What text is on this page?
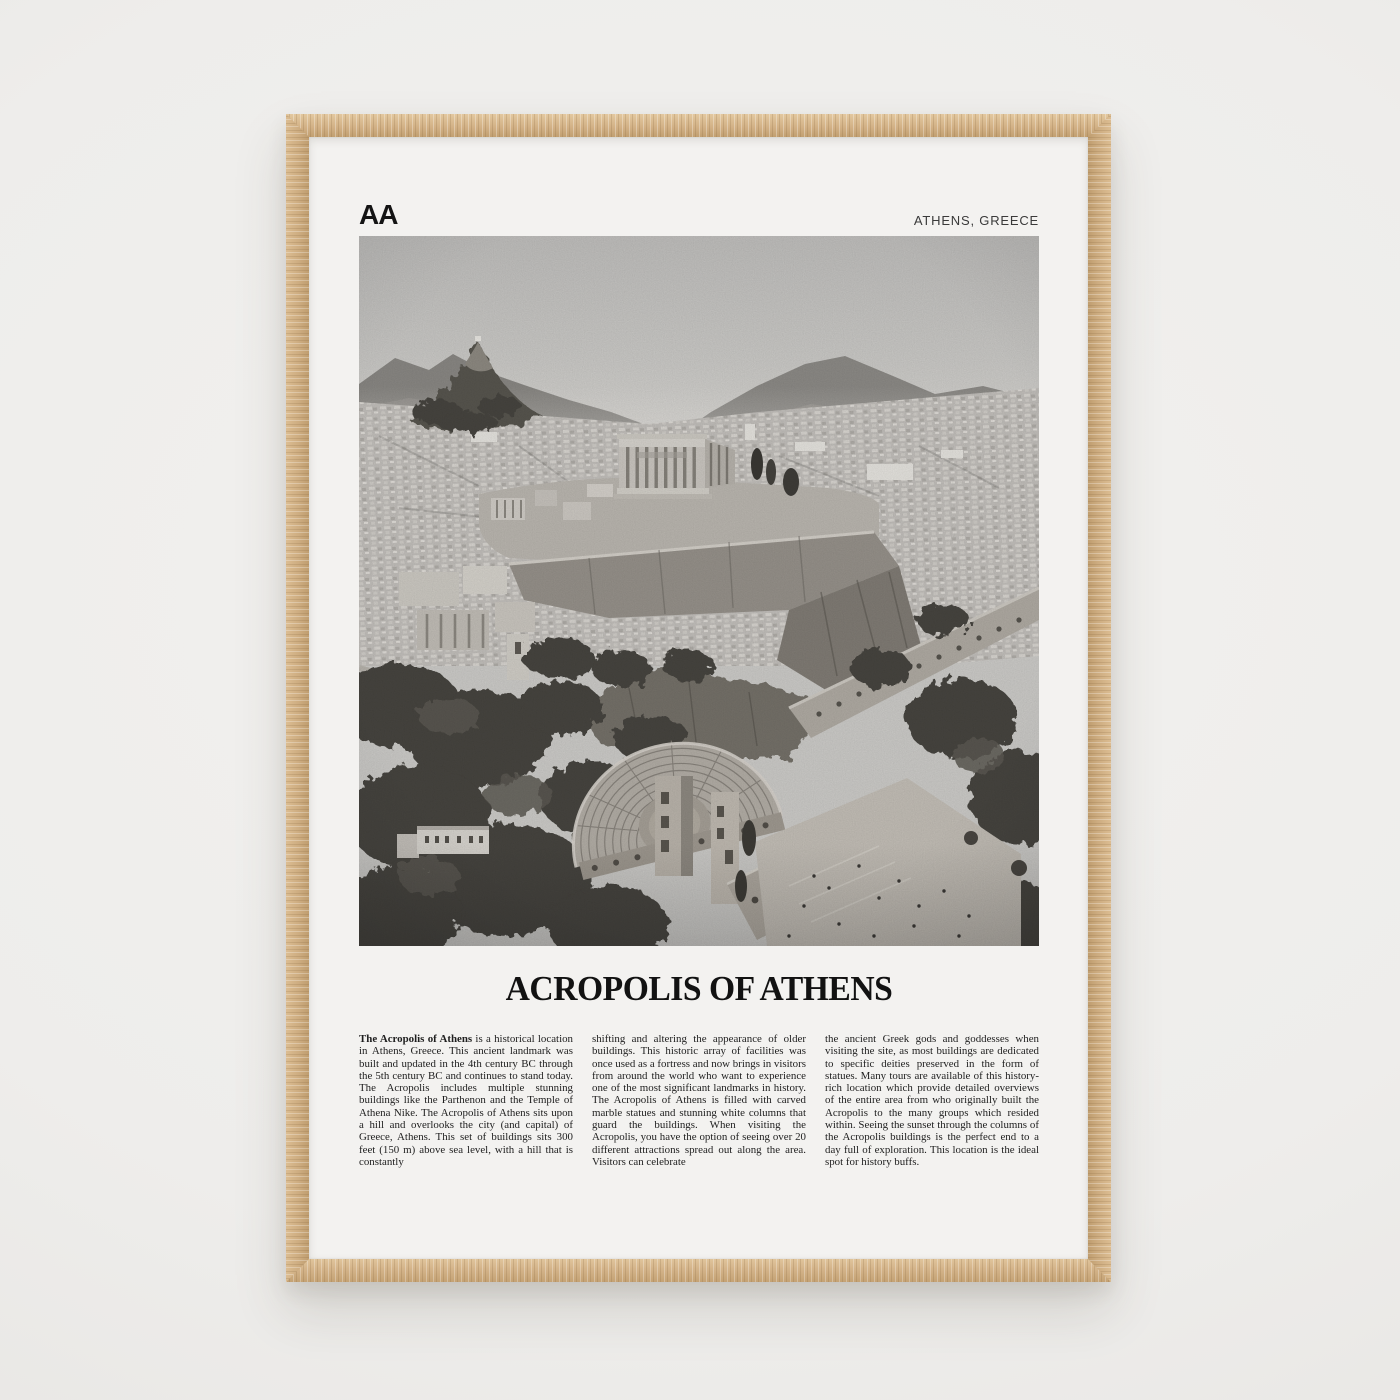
AA	ATHENS, GREECE
ACROPOLIS OF ATHENS
The Acropolis of Athens is a historical location in Athens, Greece. This ancient landmark was built and updated in the 4th century BC through the 5th century BC and continues to stand today. The Acropolis includes multiple stunning buildings like the Parthenon and the Temple of Athena Nike. The Acropolis of Athens sits upon a hill and overlooks the city (and capital) of Greece, Athens. This set of buildings sits 300 feet (150 m) above sea level, with a hill that is constantly
shifting and altering the appearance of older buildings. This historic array of facilities was once used as a fortress and now brings in visitors from around the world who want to experience one of the most significant landmarks in history. The Acropolis of Athens is filled with carved marble statues and stunning white columns that guard the buildings. When visiting the Acropolis, you have the option of seeing over 20 different attractions spread out along the area. Visitors can celebrate
the ancient Greek gods and goddesses when visiting the site, as most buildings are dedicated to specific deities preserved in the form of statues. Many tours are available of this history-rich location which provide detailed overviews of the entire area from who originally built the Acropolis to the many groups which resided within. Seeing the sunset through the columns of the Acropolis buildings is the perfect end to a day full of exploration. This location is the ideal spot for history buffs.
